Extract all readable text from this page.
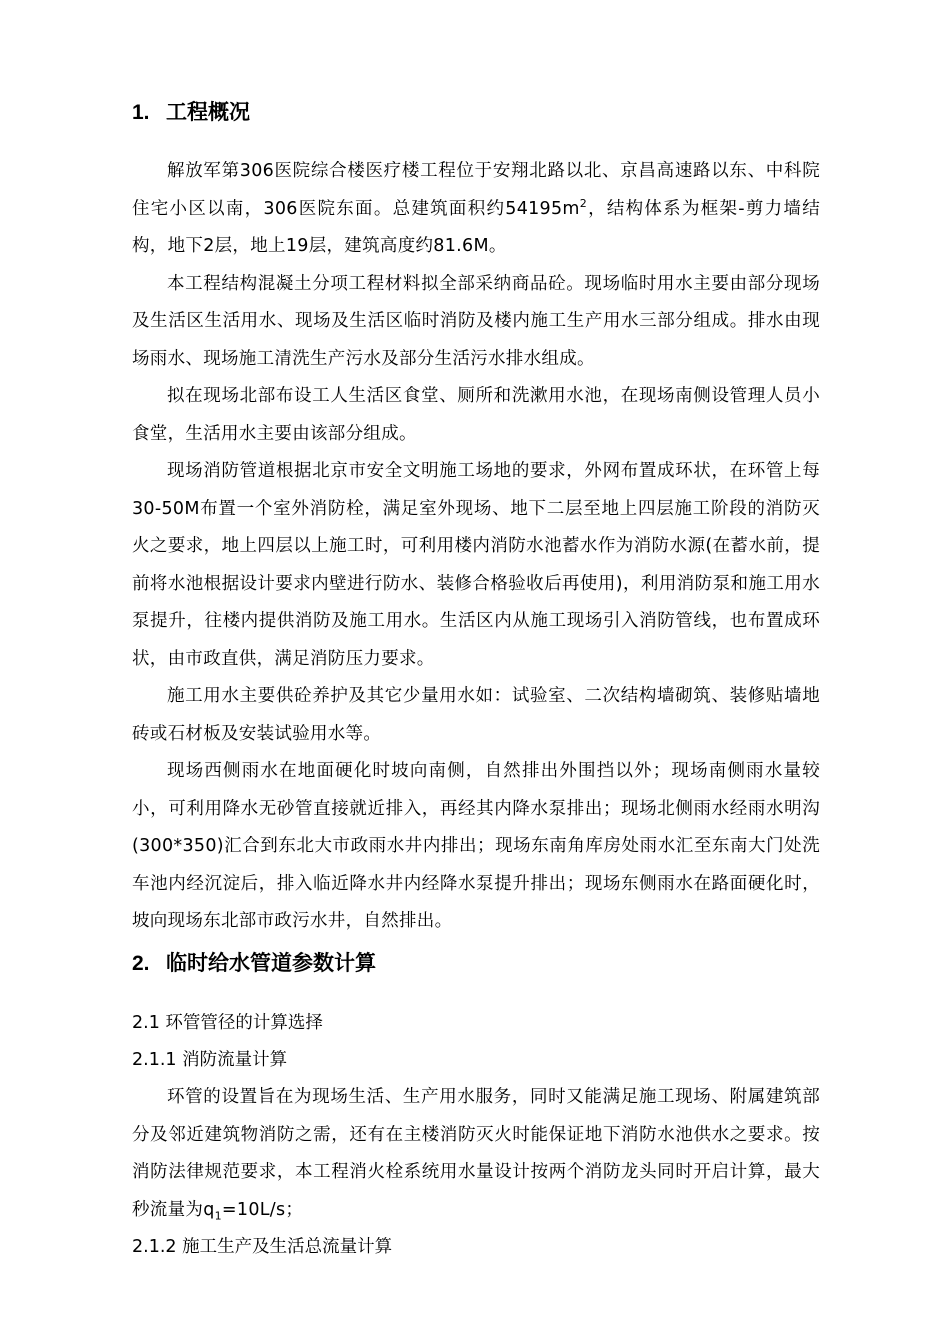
1. 工程概况

解放军第306医院综合楼医疗楼工程位于安翔北路以北、京昌高速路以东、中科院住宅小区以南，306医院东面。总建筑面积约$54195m^2$，结构体系为框架-剪力墙结构，地下2层，地上19层，建筑高度约81.6M。

本工程结构混凝土分项工程材料拟全部采纳商品砼。现场临时用水主要由部分现场及生活区生活用水、现场及生活区临时消防及楼内施工生产用水三部分组成。排水由现场雨水、现场施工清洗生产污水及部分生活污水排水组成。

拟在现场北部布设工人生活区食堂、厕所和洗漱用水池，在现场南侧设管理人员小食堂，生活用水主要由该部分组成。

现场消防管道根据北京市安全文明施工场地的要求，外网布置成环状，在环管上每30-50M布置一个室外消防栓，满足室外现场、地下二层至地上四层施工阶段的消防灭火之要求，地上四层以上施工时，可利用楼内消防水池蓄水作为消防水源(在蓄水前，提前将水池根据设计要求内壁进行防水、装修合格验收后再使用)，利用消防泵和施工用水泵提升，往楼内提供消防及施工用水。生活区内从施工现场引入消防管线，也布置成环状，由市政直供，满足消防压力要求。

施工用水主要供砼养护及其它少量用水如：试验室、二次结构墙砌筑、装修贴墙地砖或石材板及安装试验用水等。

现场西侧雨水在地面硬化时坡向南侧，自然排出外围挡以外；现场南侧雨水量较小，可利用降水无砂管直接就近排入，再经其内降水泵排出；现场北侧雨水经雨水明沟(300*350)汇合到东北大市政雨水井内排出；现场东南角库房处雨水汇至东南大门处洗车池内经沉淀后，排入临近降水井内经降水泵提升排出；现场东侧雨水在路面硬化时，坡向现场东北部市政污水井，自然排出。

2. 临时给水管道参数计算

2.1 环管管径的计算选择

2.1.1 消防流量计算

环管的设置旨在为现场生活、生产用水服务，同时又能满足施工现场、附属建筑部分及邻近建筑物消防之需，还有在主楼消防灭火时能保证地下消防水池供水之要求。按消防法律规范要求，本工程消火栓系统用水量设计按两个消防龙头同时开启计算，最大秒流量为$q_1=10L/s$；

2.1.2 施工生产及生活总流量计算
